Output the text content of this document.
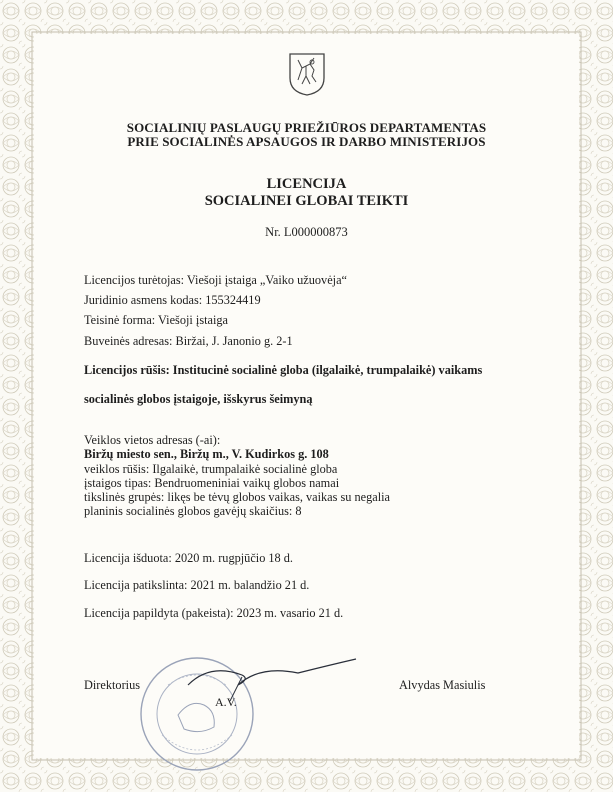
SOCIALINIŲ PASLAUGŲ PRIEŽIŪROS DEPARTAMENTAS
PRIE SOCIALINĖS APSAUGOS IR DARBO MINISTERIJOS
LICENCIJA
SOCIALINEI GLOBAI TEIKTI
Nr. L000000873
Licencijos turėtojas: Viešoji įstaiga „Vaiko užuovėja“
Juridinio asmens kodas: 155324419
Teisinė forma: Viešoji įstaiga
Buveinės adresas: Biržai, J. Janonio g. 2-1
Licencijos rūšis: Institucinė socialinė globa (ilgalaikė, trumpalaikė) vaikams
socialinės globos įstaigoje, išskyrus šeimyną
Veiklos vietos adresas (-ai):
Biržų miesto sen., Biržų m., V. Kudirkos g. 108
veiklos rūšis: Ilgalaikė, trumpalaikė socialinė globa
įstaigos tipas: Bendruomeniniai vaikų globos namai
tikslinės grupės: likęs be tėvų globos vaikas, vaikas su negalia
planinis socialinės globos gavėjų skaičius: 8
Licencija išduota: 2020 m. rugpjūčio 18 d.
Licencija patikslinta: 2021 m. balandžio 21 d.
Licencija papildyta (pakeista): 2023 m. vasario 21 d.
Direktorius
A.V.
Alvydas Masiulis
